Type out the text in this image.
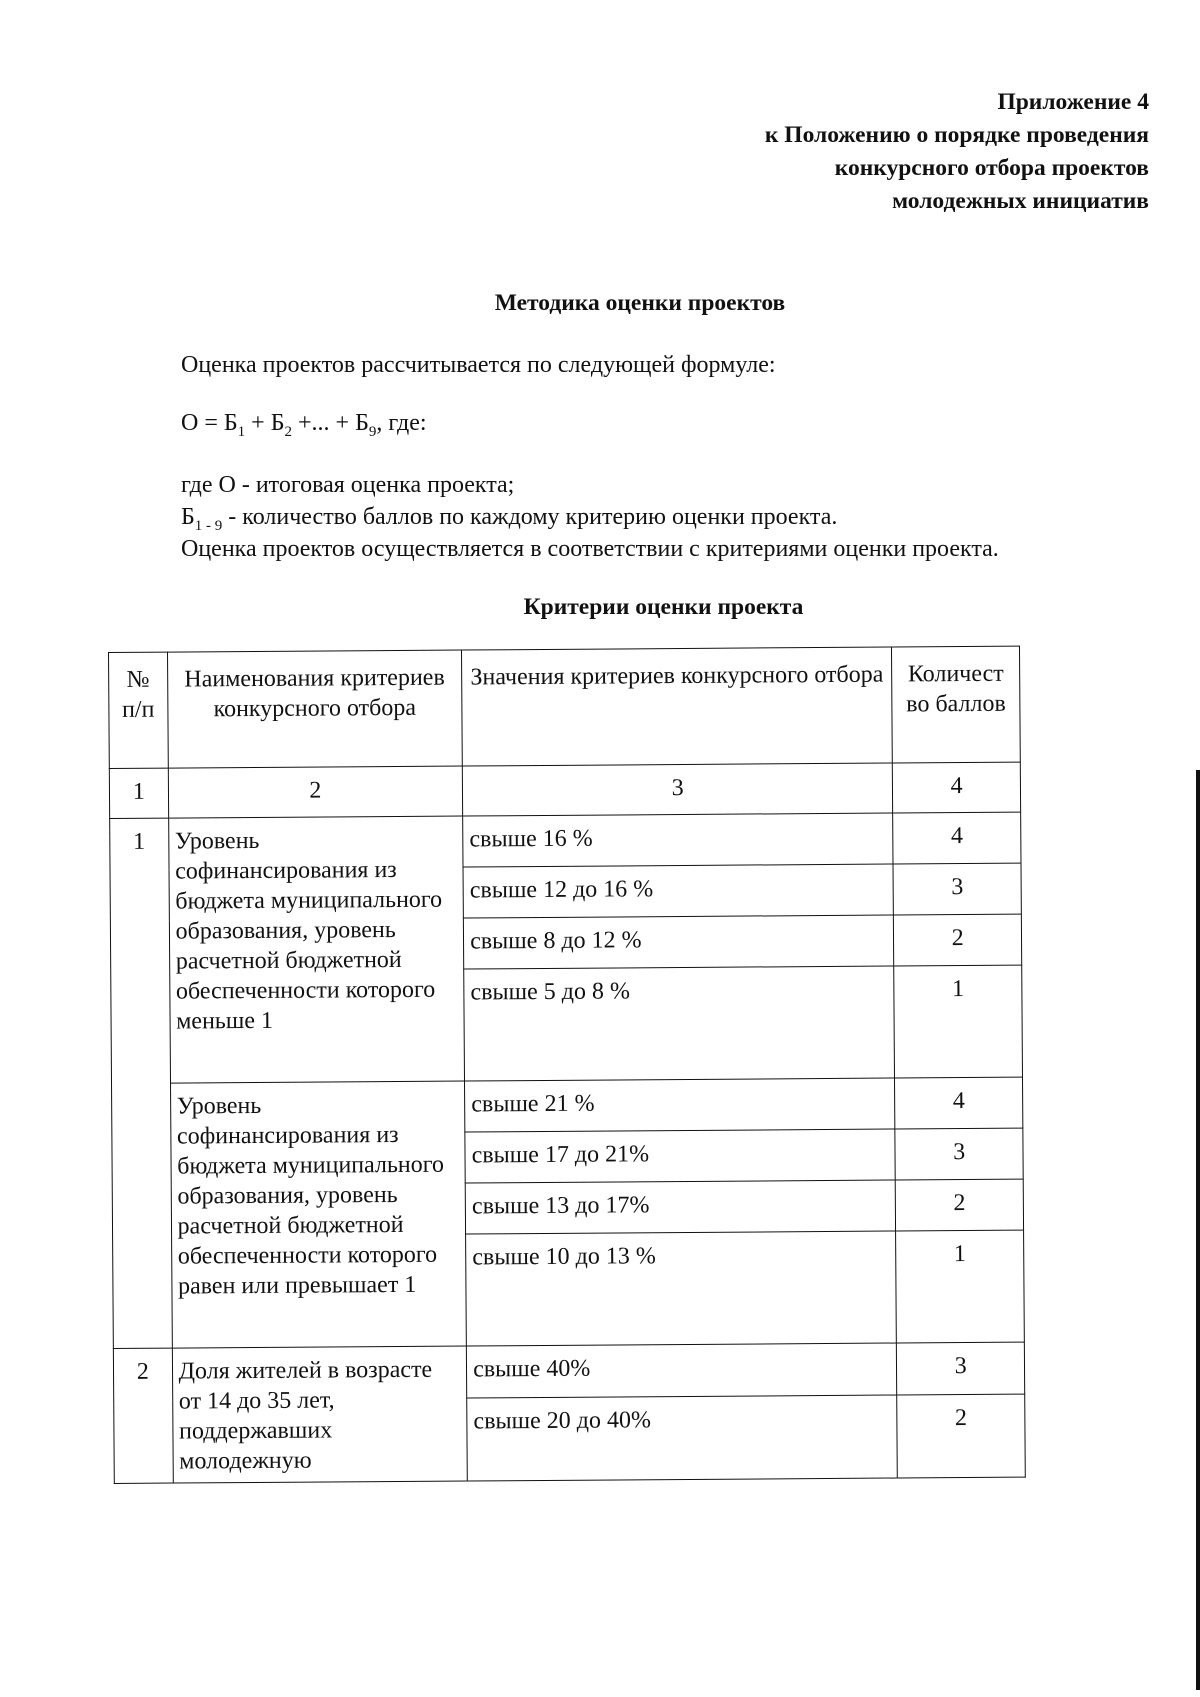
Приложение 4
к Положению о порядке проведения
конкурсного отбора проектов
молодежных инициатив

Методика оценки проектов

Оценка проектов рассчитывается по следующей формуле:

$О = Б_1 + Б_2$ +... + $Б_9$, где:

где О - итоговая оценка проекта;

$Б_{1 - 9}$ - количество баллов по каждому критерию оценки проекта.

Оценка проектов осуществляется в соответствии с критериями оценки проекта.

Критерии оценки проекта
№ п/п	Наименования критериев конкурсного отбора	Значения критериев конкурсного отбора	Количест во баллов
1	2	3	4
1	Уровень софинансирования из бюджета муниципального образования, уровень расчетной бюджетной обеспеченности которого меньше 1	свыше 16 %	4
		свыше 12 до 16 %	3
		свыше 8 до 12 %	2
		свыше 5 до 8 %	1
	Уровень софинансирования из бюджета муниципального образования, уровень расчетной бюджетной обеспеченности которого равен или превышает 1	свыше 21 %	4
		свыше 17 до 21%	3
		свыше 13 до 17%	2
		свыше 10 до 13 %	1
2	Доля жителей в возрасте от 14 до 35 лет, поддержавших молодежную	свыше 40%	3
		свыше 20 до 40%	2
